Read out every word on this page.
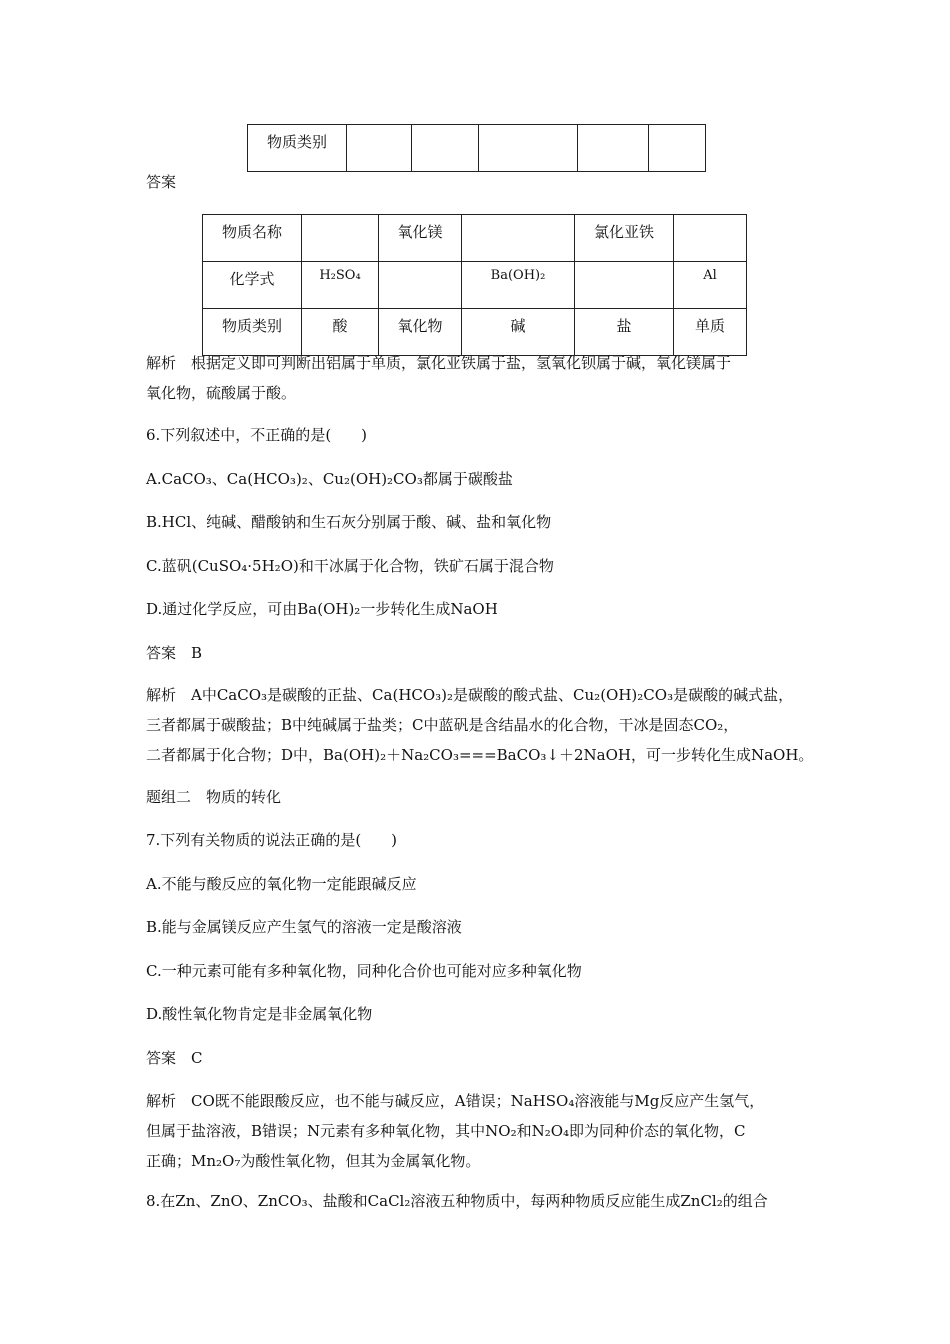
物质类别					
答案
物质名称		氧化镁		氯化亚铁	
化学式	H₂SO₄		Ba(OH)₂		Al
物质类别	酸	氧化物	碱	盐	单质
解析　根据定义即可判断出铝属于单质，氯化亚铁属于盐，氢氧化钡属于碱，氧化镁属于
氧化物，硫酸属于酸。
6.下列叙述中，不正确的是(　　)
A.CaCO₃、Ca(HCO₃)₂、Cu₂(OH)₂CO₃都属于碳酸盐
B.HCl、纯碱、醋酸钠和生石灰分别属于酸、碱、盐和氧化物
C.蓝矾(CuSO₄·5H₂O)和干冰属于化合物，铁矿石属于混合物
D.通过化学反应，可由Ba(OH)₂一步转化生成NaOH
答案　B
解析　A中CaCO₃是碳酸的正盐、Ca(HCO₃)₂是碳酸的酸式盐、Cu₂(OH)₂CO₃是碳酸的碱式盐，
三者都属于碳酸盐；B中纯碱属于盐类；C中蓝矾是含结晶水的化合物，干冰是固态CO₂，
二者都属于化合物；D中，Ba(OH)₂＋Na₂CO₃===BaCO₃↓＋2NaOH，可一步转化生成NaOH。
题组二　物质的转化
7.下列有关物质的说法正确的是(　　)
A.不能与酸反应的氧化物一定能跟碱反应
B.能与金属镁反应产生氢气的溶液一定是酸溶液
C.一种元素可能有多种氧化物，同种化合价也可能对应多种氧化物
D.酸性氧化物肯定是非金属氧化物
答案　C
解析　CO既不能跟酸反应，也不能与碱反应，A错误；NaHSO₄溶液能与Mg反应产生氢气，
但属于盐溶液，B错误；N元素有多种氧化物，其中NO₂和N₂O₄即为同种价态的氧化物，C
正确；Mn₂O₇为酸性氧化物，但其为金属氧化物。
8.在Zn、ZnO、ZnCO₃、盐酸和CaCl₂溶液五种物质中，每两种物质反应能生成ZnCl₂的组合
